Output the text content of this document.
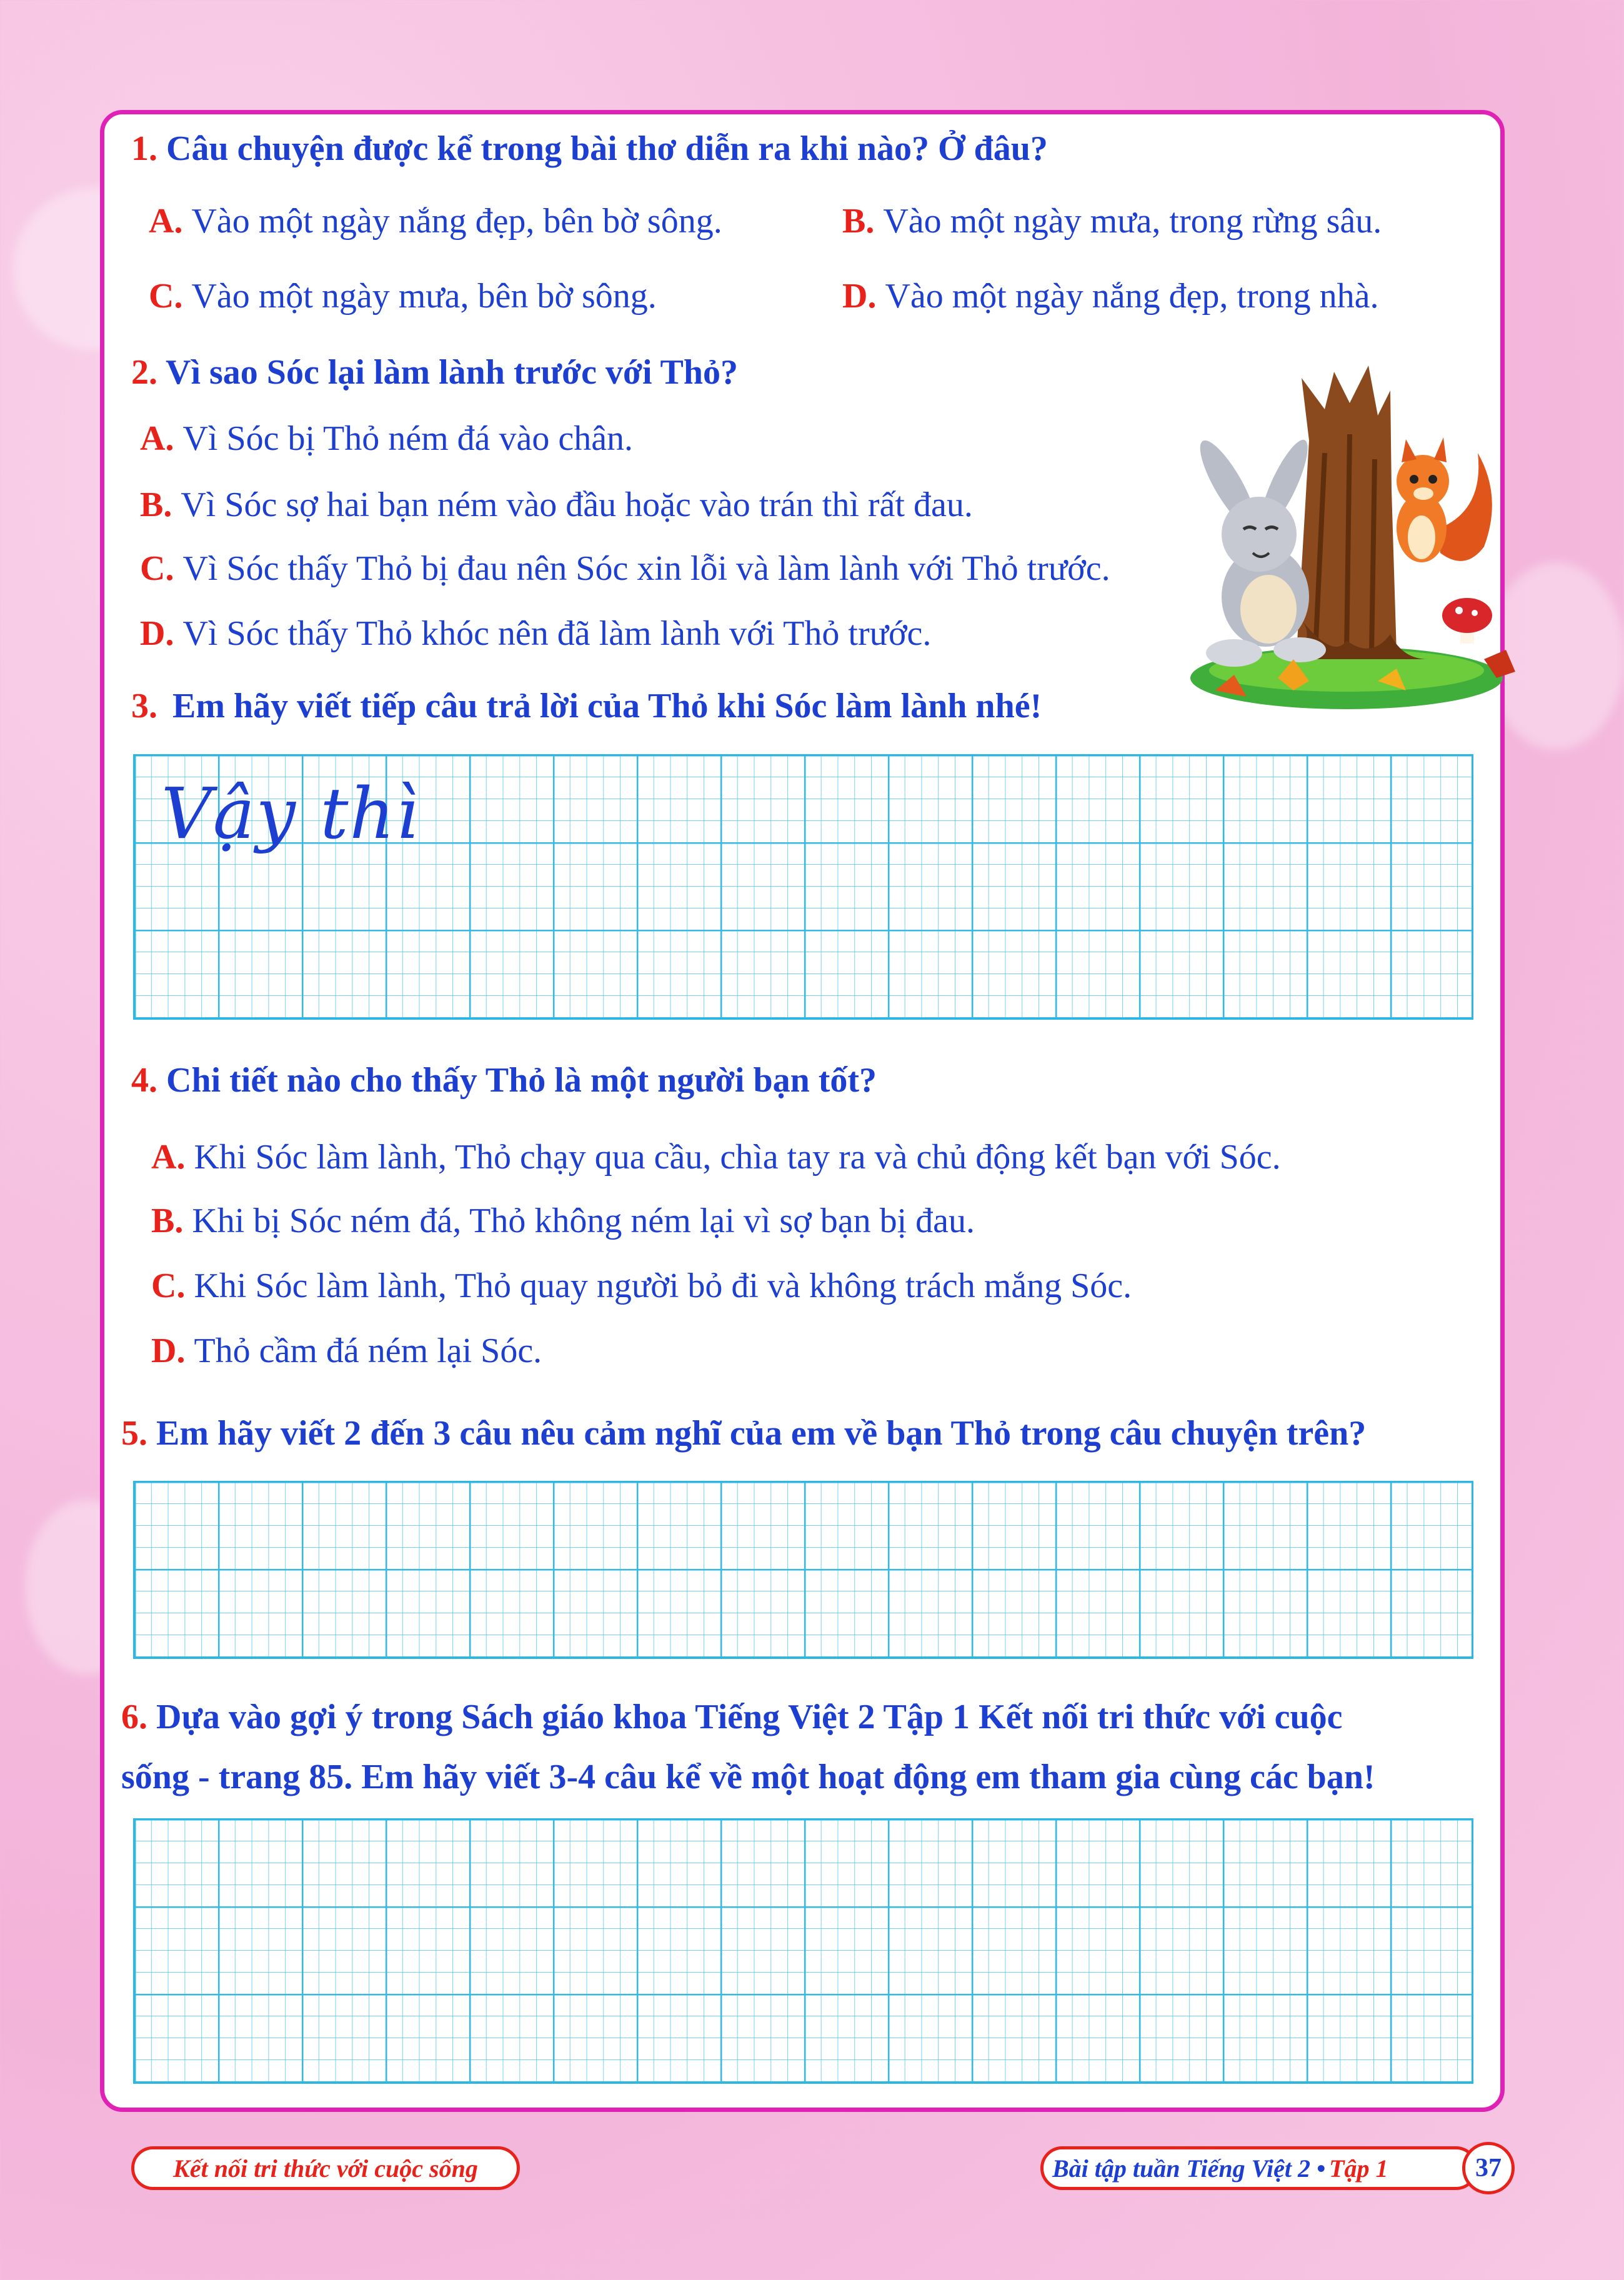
1. Câu chuyện được kể trong bài thơ diễn ra khi nào? Ở đâu?
A. Vào một ngày nắng đẹp, bên bờ sông.	B. Vào một ngày mưa, trong rừng sâu.
C. Vào một ngày mưa, bên bờ sông.	D. Vào một ngày nắng đẹp, trong nhà.
2. Vì sao Sóc lại làm lành trước với Thỏ?
A. Vì Sóc bị Thỏ ném đá vào chân.
B. Vì Sóc sợ hai bạn ném vào đầu hoặc vào trán thì rất đau.
C. Vì Sóc thấy Thỏ bị đau nên Sóc xin lỗi và làm lành với Thỏ trước.
D. Vì Sóc thấy Thỏ khóc nên đã làm lành với Thỏ trước.
3. Em hãy viết tiếp câu trả lời của Thỏ khi Sóc làm lành nhé!
Vậy thì
4. Chi tiết nào cho thấy Thỏ là một người bạn tốt?
A. Khi Sóc làm lành, Thỏ chạy qua cầu, chìa tay ra và chủ động kết bạn với Sóc.
B. Khi bị Sóc ném đá, Thỏ không ném lại vì sợ bạn bị đau.
C. Khi Sóc làm lành, Thỏ quay người bỏ đi và không trách mắng Sóc.
D. Thỏ cầm đá ném lại Sóc.
5. Em hãy viết 2 đến 3 câu nêu cảm nghĩ của em về bạn Thỏ trong câu chuyện trên?
6. Dựa vào gợi ý trong Sách giáo khoa Tiếng Việt 2 Tập 1 Kết nối tri thức với cuộc
sống - trang 85. Em hãy viết 3-4 câu kể về một hoạt động em tham gia cùng các bạn!
Kết nối tri thức với cuộc sống	Bài tập tuần Tiếng Việt 2 • Tập 1	37
